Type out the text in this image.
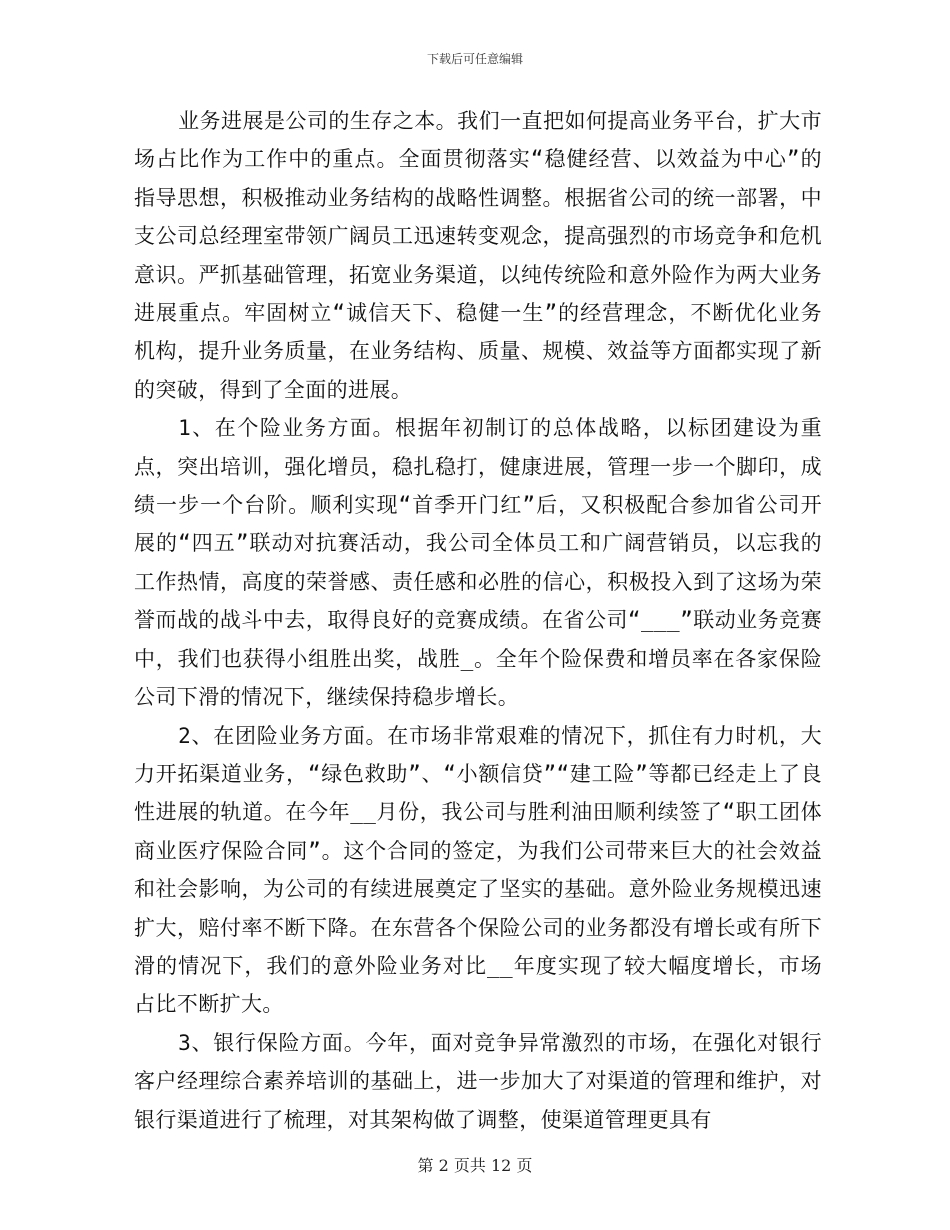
下载后可任意编辑

业务进展是公司的生存之本。我们一直把如何提高业务平台，扩大市场占比作为工作中的重点。全面贯彻落实“稳健经营、以效益为中心”的指导思想，积极推动业务结构的战略性调整。根据省公司的统一部署，中支公司总经理室带领广阔员工迅速转变观念，提高强烈的市场竞争和危机意识。严抓基础管理，拓宽业务渠道，以纯传统险和意外险作为两大业务进展重点。牢固树立“诚信天下、稳健一生”的经营理念，不断优化业务机构，提升业务质量，在业务结构、质量、规模、效益等方面都实现了新的突破，得到了全面的进展。

1、在个险业务方面。根据年初制订的总体战略，以标团建设为重点，突出培训，强化增员，稳扎稳打，健康进展，管理一步一个脚印，成绩一步一个台阶。顺利实现“首季开门红”后，又积极配合参加省公司开展的“四五”联动对抗赛活动，我公司全体员工和广阔营销员，以忘我的工作热情，高度的荣誉感、责任感和必胜的信心，积极投入到了这场为荣誉而战的战斗中去，取得良好的竞赛成绩。在省公司“___”联动业务竞赛中，我们也获得小组胜出奖，战胜_。全年个险保费和增员率在各家保险公司下滑的情况下，继续保持稳步增长。

2、在团险业务方面。在市场非常艰难的情况下，抓住有力时机，大力开拓渠道业务，“绿色救助”、“小额信贷”“建工险”等都已经走上了良性进展的轨道。在今年__月份，我公司与胜利油田顺利续签了“职工团体商业医疗保险合同”。这个合同的签定，为我们公司带来巨大的社会效益和社会影响，为公司的有续进展奠定了坚实的基础。意外险业务规模迅速扩大，赔付率不断下降。在东营各个保险公司的业务都没有增长或有所下滑的情况下，我们的意外险业务对比__年度实现了较大幅度增长，市场占比不断扩大。

3、银行保险方面。今年，面对竞争异常激烈的市场，在强化对银行客户经理综合素养培训的基础上，进一步加大了对渠道的管理和维护，对银行渠道进行了梳理，对其架构做了调整，使渠道管理更具有

第 2 页共 12 页
